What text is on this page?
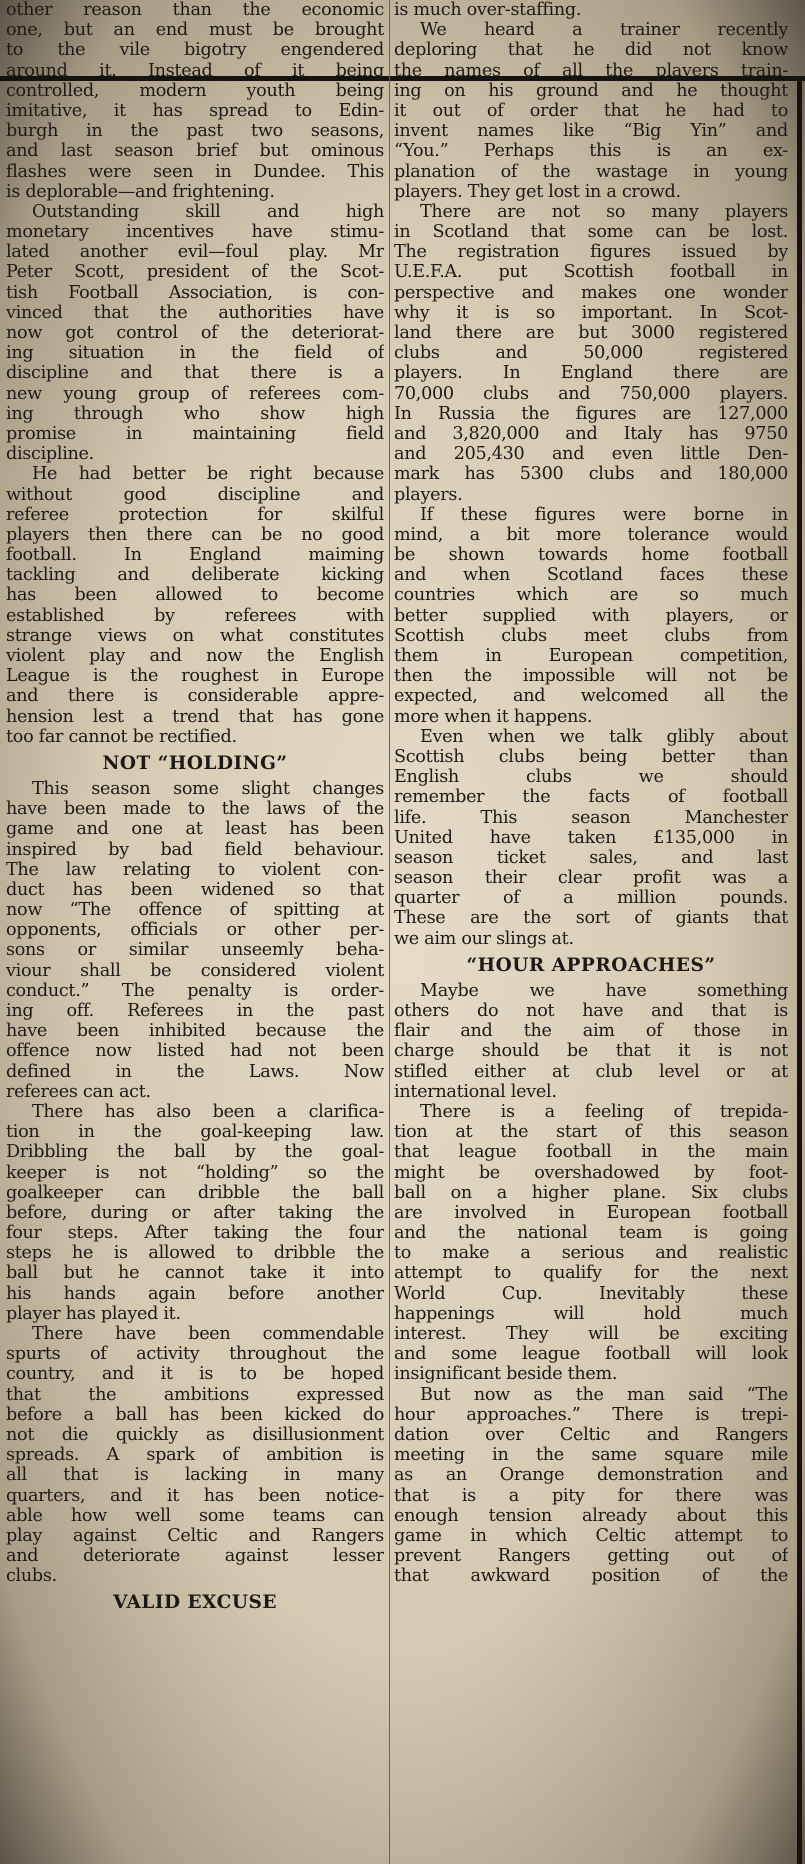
other reason than the economic
one, but an end must be brought
to the vile bigotry engendered
around it. Instead of it being
controlled, modern youth being
imitative, it has spread to Edin-
burgh in the past two seasons,
and last season brief but ominous
flashes were seen in Dundee. This
is deplorable—and frightening.
Outstanding skill and high
monetary incentives have stimu-
lated another evil—foul play. Mr
Peter Scott, president of the Scot-
tish Football Association, is con-
vinced that the authorities have
now got control of the deteriorat-
ing situation in the field of
discipline and that there is a
new young group of referees com-
ing through who show high
promise in maintaining field
discipline.
He had better be right because
without good discipline and
referee protection for skilful
players then there can be no good
football. In England maiming
tackling and deliberate kicking
has been allowed to become
established by referees with
strange views on what constitutes
violent play and now the English
League is the roughest in Europe
and there is considerable appre-
hension lest a trend that has gone
too far cannot be rectified.
NOT “HOLDING”
This season some slight changes
have been made to the laws of the
game and one at least has been
inspired by bad field behaviour.
The law relating to violent con-
duct has been widened so that
now “The offence of spitting at
opponents, officials or other per-
sons or similar unseemly beha-
viour shall be considered violent
conduct.” The penalty is order-
ing off. Referees in the past
have been inhibited because the
offence now listed had not been
defined in the Laws. Now
referees can act.
There has also been a clarifica-
tion in the goal-keeping law.
Dribbling the ball by the goal-
keeper is not “holding” so the
goalkeeper can dribble the ball
before, during or after taking the
four steps. After taking the four
steps he is allowed to dribble the
ball but he cannot take it into
his hands again before another
player has played it.
There have been commendable
spurts of activity throughout the
country, and it is to be hoped
that the ambitions expressed
before a ball has been kicked do
not die quickly as disillusionment
spreads. A spark of ambition is
all that is lacking in many
quarters, and it has been notice-
able how well some teams can
play against Celtic and Rangers
and deteriorate against lesser
clubs.
VALID EXCUSE
is much over-staffing.
We heard a trainer recently
deploring that he did not know
the names of all the players train-
ing on his ground and he thought
it out of order that he had to
invent names like “Big Yin” and
“You.” Perhaps this is an ex-
planation of the wastage in young
players. They get lost in a crowd.
There are not so many players
in Scotland that some can be lost.
The registration figures issued by
U.E.F.A. put Scottish football in
perspective and makes one wonder
why it is so important. In Scot-
land there are but 3000 registered
clubs and 50,000 registered
players. In England there are
70,000 clubs and 750,000 players.
In Russia the figures are 127,000
and 3,820,000 and Italy has 9750
and 205,430 and even little Den-
mark has 5300 clubs and 180,000
players.
If these figures were borne in
mind, a bit more tolerance would
be shown towards home football
and when Scotland faces these
countries which are so much
better supplied with players, or
Scottish clubs meet clubs from
them in European competition,
then the impossible will not be
expected, and welcomed all the
more when it happens.
Even when we talk glibly about
Scottish clubs being better than
English clubs we should
remember the facts of football
life. This season Manchester
United have taken £135,000 in
season ticket sales, and last
season their clear profit was a
quarter of a million pounds.
These are the sort of giants that
we aim our slings at.
“HOUR APPROACHES”
Maybe we have something
others do not have and that is
flair and the aim of those in
charge should be that it is not
stifled either at club level or at
international level.
There is a feeling of trepida-
tion at the start of this season
that league football in the main
might be overshadowed by foot-
ball on a higher plane. Six clubs
are involved in European football
and the national team is going
to make a serious and realistic
attempt to qualify for the next
World Cup. Inevitably these
happenings will hold much
interest. They will be exciting
and some league football will look
insignificant beside them.
But now as the man said “The
hour approaches.” There is trepi-
dation over Celtic and Rangers
meeting in the same square mile
as an Orange demonstration and
that is a pity for there was
enough tension already about this
game in which Celtic attempt to
prevent Rangers getting out of
that awkward position of the
